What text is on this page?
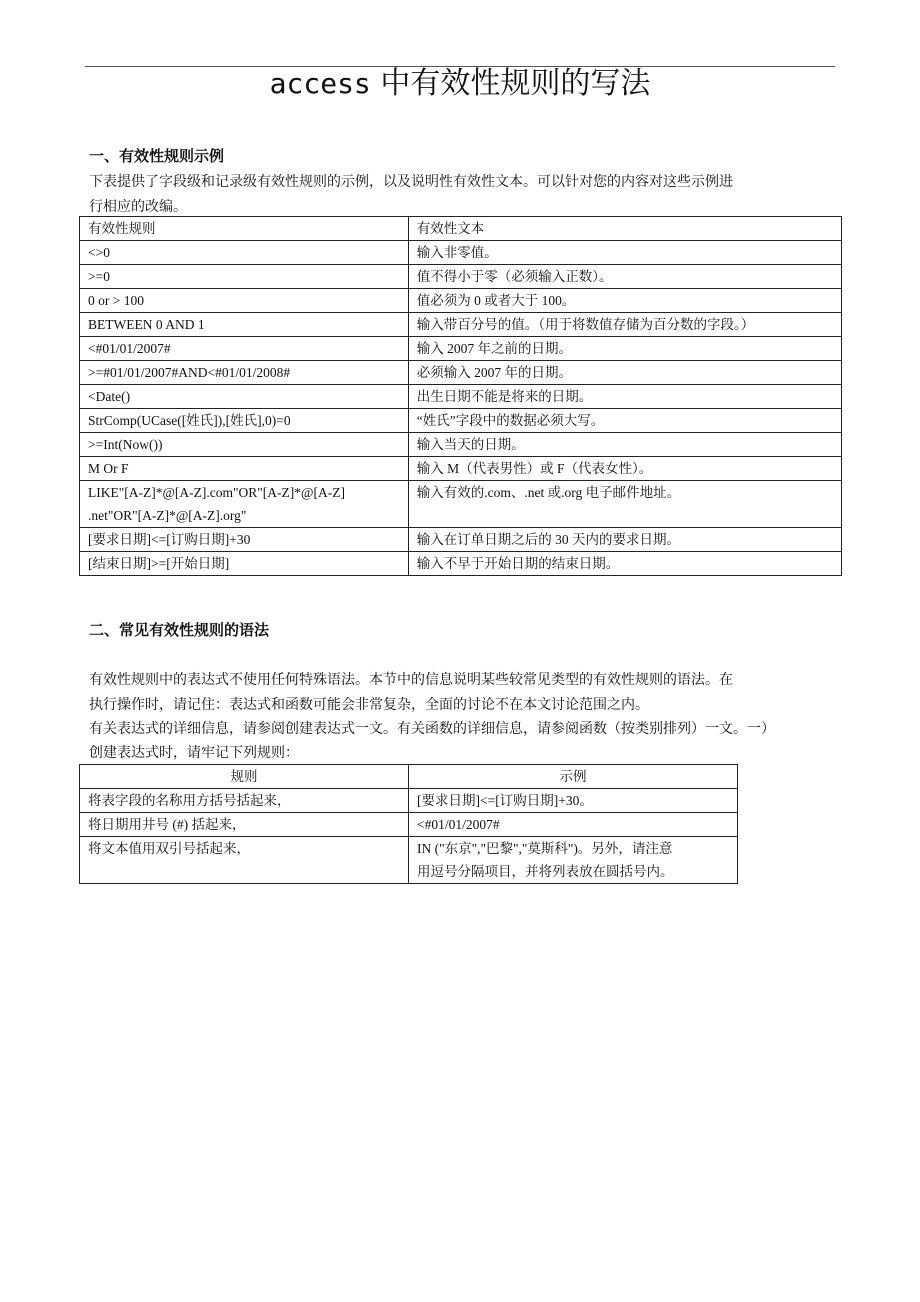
access 中有效性规则的写法
一、有效性规则示例
下表提供了字段级和记录级有效性规则的示例，以及说明性有效性文本。可以针对您的内容对这些示例进
行相应的改编。
有效性规则	有效性文本
<>0	输入非零值。
>=0	值不得小于零（必须输入正数）。
0 or > 100	值必须为 0 或者大于 100。
BETWEEN 0 AND 1	输入带百分号的值。（用于将数值存储为百分数的字段。）
<#01/01/2007#	输入 2007 年之前的日期。
>=#01/01/2007#AND<#01/01/2008#	必须输入 2007 年的日期。
<Date()	出生日期不能是将来的日期。
StrComp(UCase([姓氏]),[姓氏],0)=0	“姓氏”字段中的数据必须大写。
>=Int(Now())	输入当天的日期。
M Or F	输入 M（代表男性）或 F（代表女性）。

LIKE"[A-Z]*@[A-Z].com"OR"[A-Z]*@[A-Z]
.net"OR"[A-Z]*@[A-Z].org"	输入有效的.com、.net 或.org 电子邮件地址。
[要求日期]<=[订购日期]+30	输入在订单日期之后的 30 天内的要求日期。
[结束日期]>=[开始日期]	输入不早于开始日期的结束日期。
二、常见有效性规则的语法
有效性规则中的表达式不使用任何特殊语法。本节中的信息说明某些较常见类型的有效性规则的语法。在
执行操作时，请记住：表达式和函数可能会非常复杂，全面的讨论不在本文讨论范围之内。
有关表达式的详细信息，请参阅创建表达式一文。有关函数的详细信息，请参阅函数（按类别排列）一文。一）
创建表达式时，请牢记下列规则：
规则	示例
将表字段的名称用方括号括起来，	[要求日期]<=[订购日期]+30。
将日期用井号 (#) 括起来，	<#01/01/2007#
将文本值用双引号括起来，	IN ("东京","巴黎","莫斯科")。另外，请注意
用逗号分隔项目，并将列表放在圆括号内。
